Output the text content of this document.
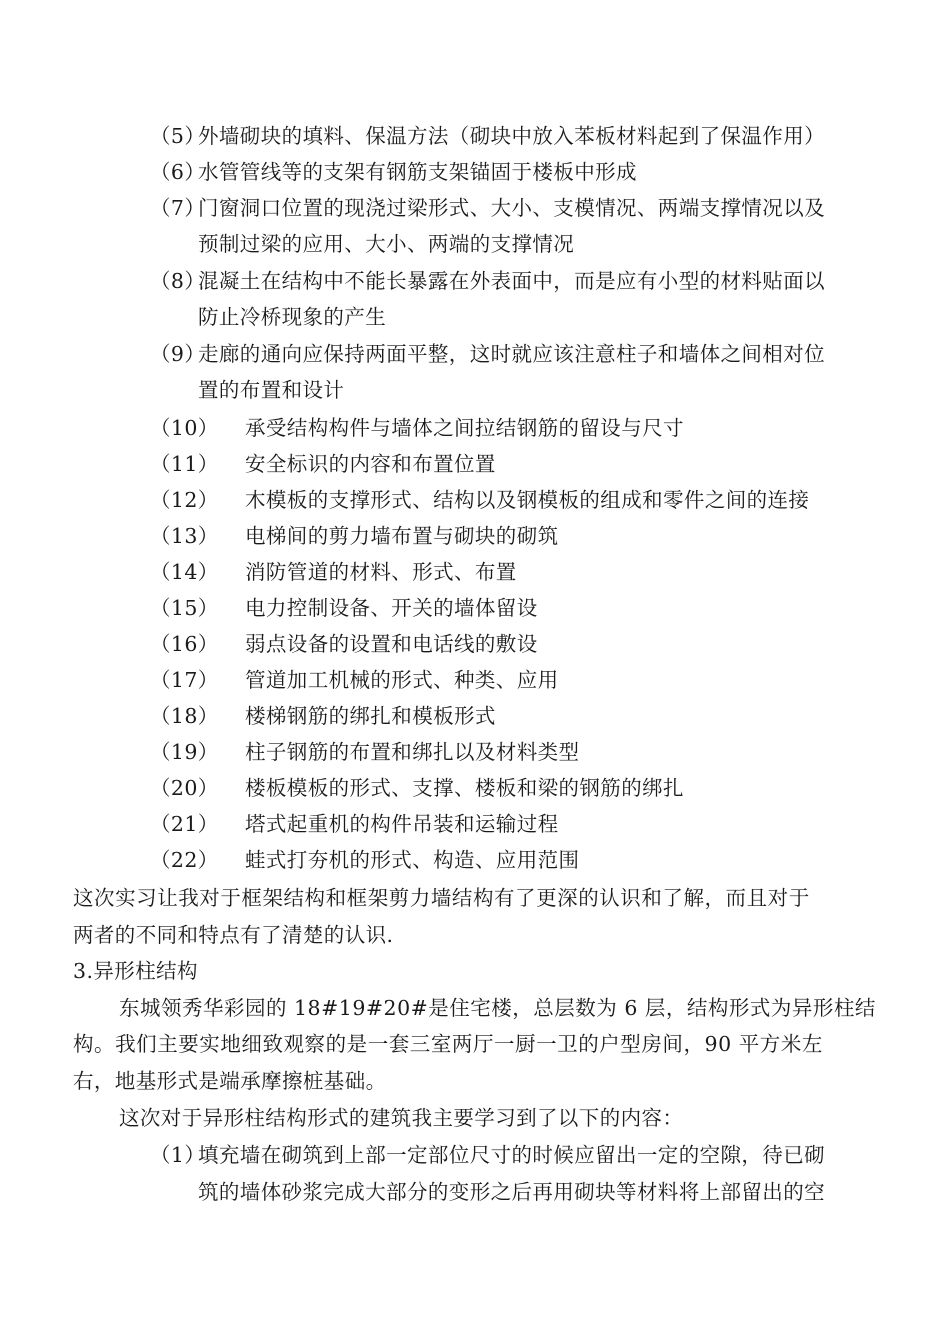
（5）
外墙砌块的填料、保温方法（砌块中放入苯板材料起到了保温作用）
（6）
水管管线等的支架有钢筋支架锚固于楼板中形成
（7）
门窗洞口位置的现浇过梁形式、大小、支模情况、两端支撑情况以及
预制过梁的应用、大小、两端的支撑情况
（8）
混凝土在结构中不能长暴露在外表面中，而是应有小型的材料贴面以
防止冷桥现象的产生
（9）
走廊的通向应保持两面平整，这时就应该注意柱子和墙体之间相对位
置的布置和设计
（10） 承受结构构件与墙体之间拉结钢筋的留设与尺寸
（11） 安全标识的内容和布置位置
（12） 木模板的支撑形式、结构以及钢模板的组成和零件之间的连接
（13） 电梯间的剪力墙布置与砌块的砌筑
（14） 消防管道的材料、形式、布置
（15） 电力控制设备、开关的墙体留设
（16） 弱点设备的设置和电话线的敷设
（17） 管道加工机械的形式、种类、应用
（18） 楼梯钢筋的绑扎和模板形式
（19） 柱子钢筋的布置和绑扎以及材料类型
（20） 楼板模板的形式、支撑、楼板和梁的钢筋的绑扎
（21） 塔式起重机的构件吊装和运输过程
（22） 蛙式打夯机的形式、构造、应用范围
这次实习让我对于框架结构和框架剪力墙结构有了更深的认识和了解，而且对于
两者的不同和特点有了清楚的认识.
3.异形柱结构
东城领秀华彩园的 18#19#20#是住宅楼，总层数为 6 层，结构形式为异形柱结
构。我们主要实地细致观察的是一套三室两厅一厨一卫的户型房间，90 平方米左
右，地基形式是端承摩擦桩基础。
这次对于异形柱结构形式的建筑我主要学习到了以下的内容：
（1）
填充墙在砌筑到上部一定部位尺寸的时候应留出一定的空隙，待已砌
筑的墙体砂浆完成大部分的变形之后再用砌块等材料将上部留出的空
